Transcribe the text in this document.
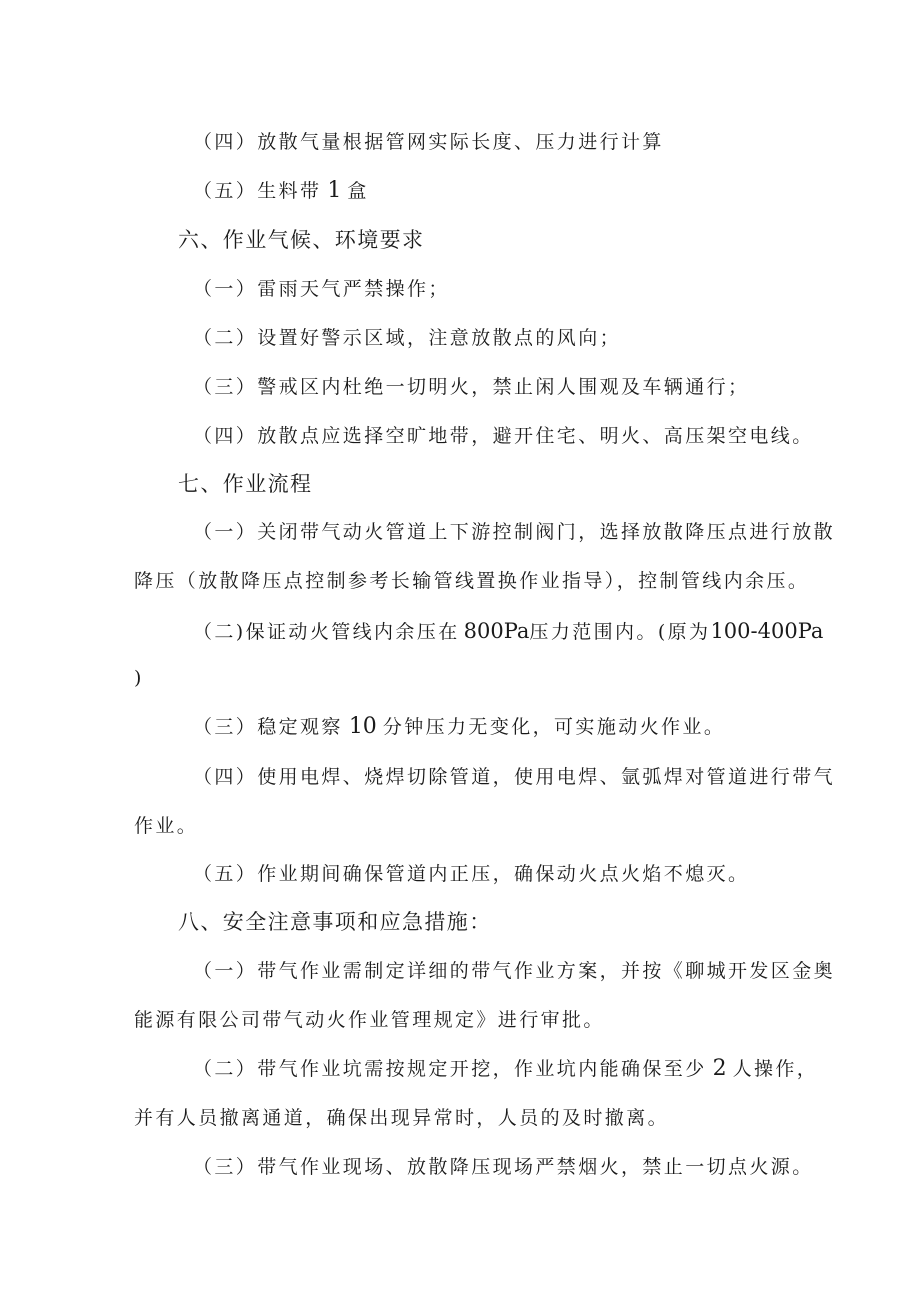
（四）放散气量根据管网实际长度、压力进行计算
（五）生料带 1 盒
六、作业气候、环境要求
（一）雷雨天气严禁操作；
（二）设置好警示区域，注意放散点的风向；
（三）警戒区内杜绝一切明火，禁止闲人围观及车辆通行；
（四）放散点应选择空旷地带，避开住宅、明火、高压架空电线。
七、作业流程
（一）关闭带气动火管道上下游控制阀门，选择放散降压点进行放散
降压（放散降压点控制参考长输管线置换作业指导），控制管线内余压。
（二)保证动火管线内余压在 800Pa压力范围内。(原为100-400Pa
)
（三）稳定观察 10 分钟压力无变化，可实施动火作业。
（四）使用电焊、烧焊切除管道，使用电焊、氩弧焊对管道进行带气
作业。
（五）作业期间确保管道内正压，确保动火点火焰不熄灭。
八、安全注意事项和应急措施：
（一）带气作业需制定详细的带气作业方案，并按《聊城开发区金奥
能源有限公司带气动火作业管理规定》进行审批。
（二）带气作业坑需按规定开挖，作业坑内能确保至少 2 人操作，
并有人员撤离通道，确保出现异常时，人员的及时撤离。
（三）带气作业现场、放散降压现场严禁烟火，禁止一切点火源。
